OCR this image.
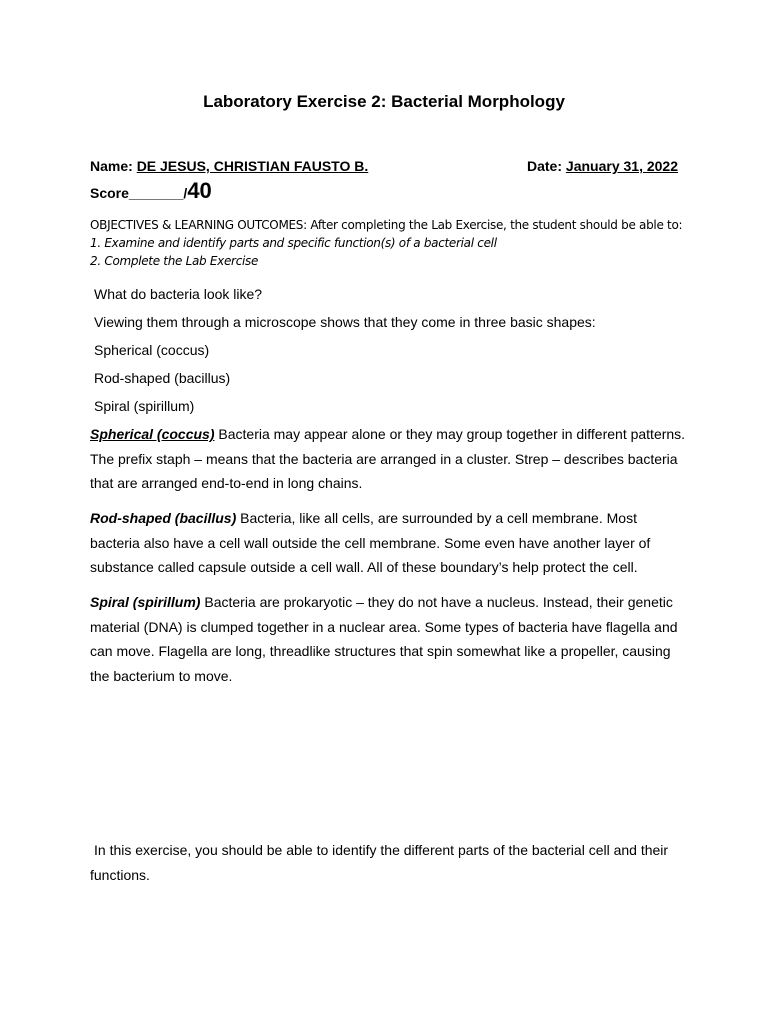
Laboratory Exercise 2: Bacterial Morphology
Name: DE JESUS, CHRISTIAN FAUSTO B.	Date: January 31, 2022
Score_______/40
OBJECTIVES & LEARNING OUTCOMES: After completing the Lab Exercise, the student should be able to:
1. Examine and identify parts and specific function(s) of a bacterial cell
2. Complete the Lab Exercise
What do bacteria look like?
Viewing them through a microscope shows that they come in three basic shapes:
Spherical (coccus)
Rod-shaped (bacillus)
Spiral (spirillum)

Spherical (coccus) Bacteria may appear alone or they may group together in different patterns. The prefix staph – means that the bacteria are arranged in a cluster. Strep – describes bacteria that are arranged end-to-end in long chains.

Rod-shaped (bacillus) Bacteria, like all cells, are surrounded by a cell membrane. Most bacteria also have a cell wall outside the cell membrane. Some even have another layer of substance called capsule outside a cell wall. All of these boundary’s help protect the cell.

Spiral (spirillum) Bacteria are prokaryotic – they do not have a nucleus. Instead, their genetic material (DNA) is clumped together in a nuclear area. Some types of bacteria have flagella and can move. Flagella are long, threadlike structures that spin somewhat like a propeller, causing the bacterium to move.

In this exercise, you should be able to identify the different parts of the bacterial cell and their functions.
